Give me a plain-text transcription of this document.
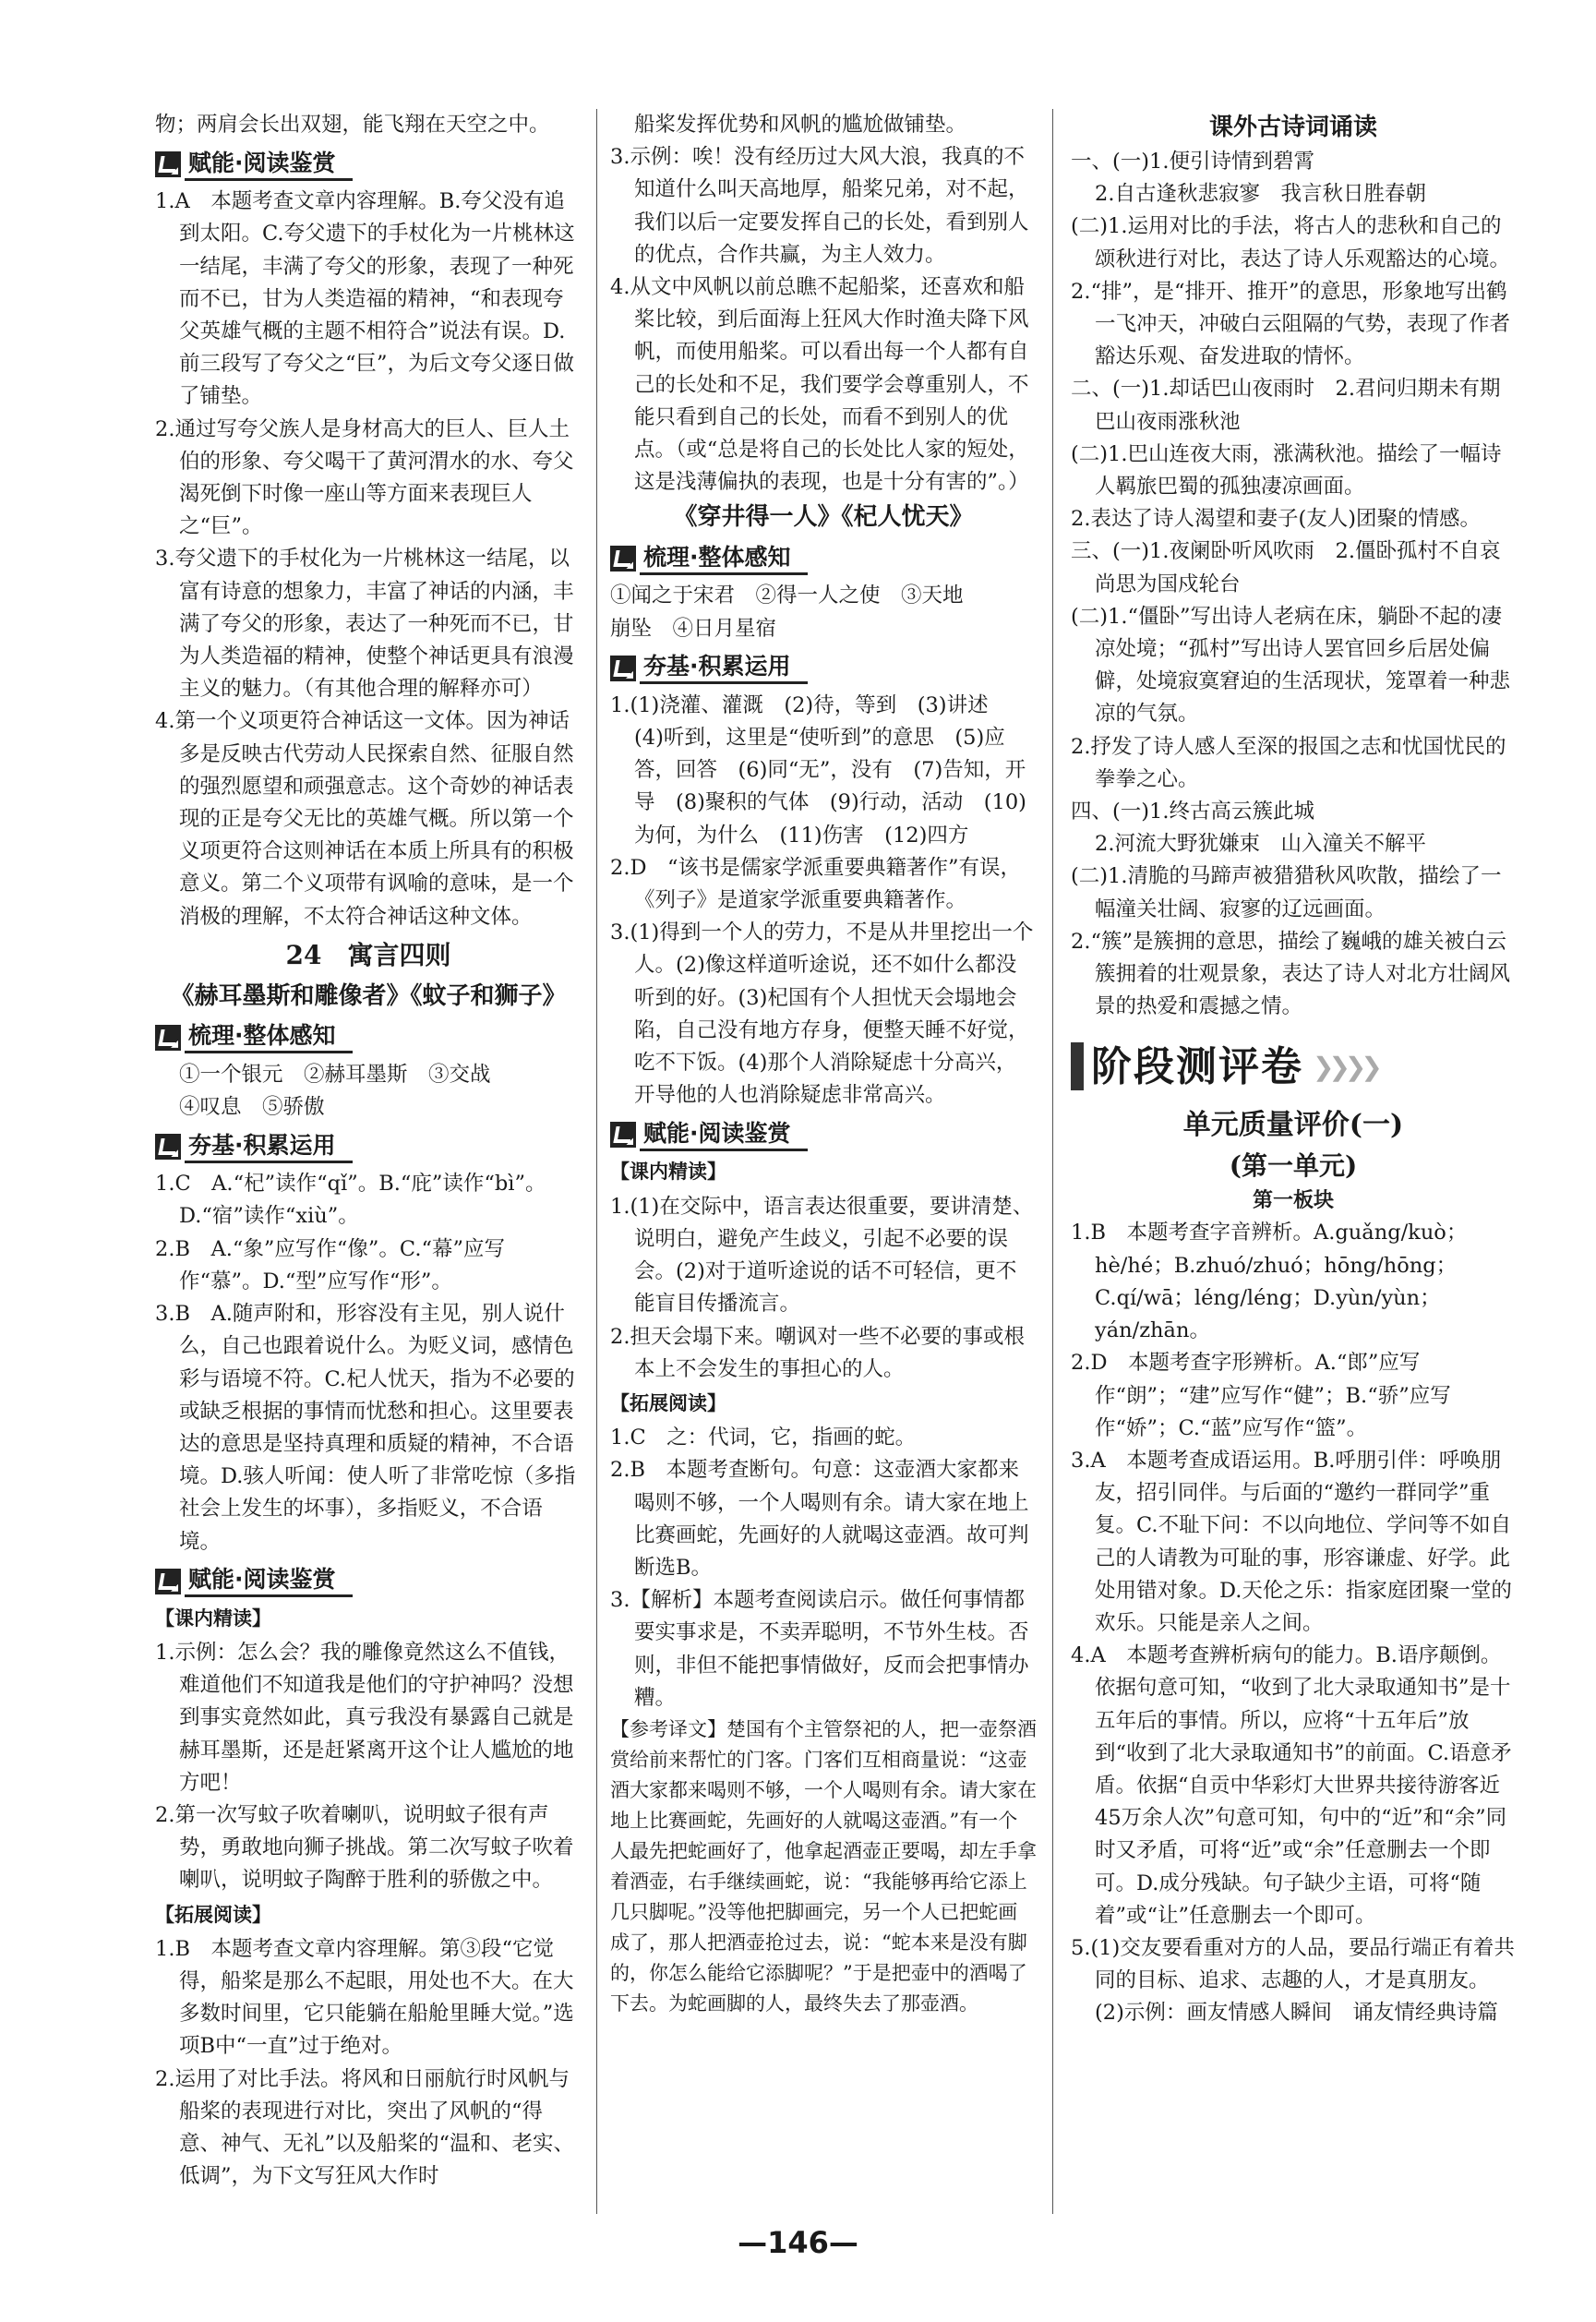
物；两肩会长出双翅，能飞翔在天空之中。

赋能·阅读鉴赏

1.A　本题考查文章内容理解。B.夸父没有追到太阳。C.夸父遗下的手杖化为一片桃林这一结尾，丰满了夸父的形象，表现了一种死而不已，甘为人类造福的精神，“和表现夸父英雄气概的主题不相符合”说法有误。D.前三段写了夸父之“巨”，为后文夸父逐日做了铺垫。

2.通过写夸父族人是身材高大的巨人、巨人土伯的形象、夸父喝干了黄河渭水的水、夸父渴死倒下时像一座山等方面来表现巨人之“巨”。

3.夸父遗下的手杖化为一片桃林这一结尾，以富有诗意的想象力，丰富了神话的内涵，丰满了夸父的形象，表达了一种死而不已，甘为人类造福的精神，使整个神话更具有浪漫主义的魅力。（有其他合理的解释亦可）

4.第一个义项更符合神话这一文体。因为神话多是反映古代劳动人民探索自然、征服自然的强烈愿望和顽强意志。这个奇妙的神话表现的正是夸父无比的英雄气概。所以第一个义项更符合这则神话在本质上所具有的积极意义。第二个义项带有讽喻的意味，是一个消极的理解，不太符合神话这种文体。

24　寓言四则
《赫耳墨斯和雕像者》《蚊子和狮子》
梳理·整体感知

①一个银元　②赫耳墨斯　③交战

④叹息　⑤骄傲

夯基·积累运用

1.C　A.“杞”读作“qǐ”。B.“庇”读作“bì”。D.“宿”读作“xiù”。

2.B　A.“象”应写作“像”。C.“幕”应写作“慕”。D.“型”应写作“形”。

3.B　A.随声附和，形容没有主见，别人说什么，自己也跟着说什么。为贬义词，感情色彩与语境不符。C.杞人忧天，指为不必要的或缺乏根据的事情而忧愁和担心。这里要表达的意思是坚持真理和质疑的精神，不合语境。D.骇人听闻：使人听了非常吃惊（多指社会上发生的坏事），多指贬义，不合语境。

赋能·阅读鉴赏
【课内精读】

1.示例：怎么会？我的雕像竟然这么不值钱，难道他们不知道我是他们的守护神吗？没想到事实竟然如此，真亏我没有暴露自己就是赫耳墨斯，还是赶紧离开这个让人尴尬的地方吧！

2.第一次写蚊子吹着喇叭，说明蚊子很有声势，勇敢地向狮子挑战。第二次写蚊子吹着喇叭，说明蚊子陶醉于胜利的骄傲之中。

【拓展阅读】

1.B　本题考查文章内容理解。第③段“它觉得，船桨是那么不起眼，用处也不大。在大多数时间里，它只能躺在船舱里睡大觉。”选项B中“一直”过于绝对。

2.运用了对比手法。将风和日丽航行时风帆与船桨的表现进行对比，突出了风帆的“得意、神气、无礼”以及船桨的“温和、老实、低调”，为下文写狂风大作时

船桨发挥优势和风帆的尴尬做铺垫。

3.示例：唉！没有经历过大风大浪，我真的不知道什么叫天高地厚，船桨兄弟，对不起，我们以后一定要发挥自己的长处，看到别人的优点，合作共赢，为主人效力。

4.从文中风帆以前总瞧不起船桨，还喜欢和船桨比较，到后面海上狂风大作时渔夫降下风帆，而使用船桨。可以看出每一个人都有自己的长处和不足，我们要学会尊重别人，不能只看到自己的长处，而看不到别人的优点。（或“总是将自己的长处比人家的短处，这是浅薄偏执的表现，也是十分有害的”。）

《穿井得一人》《杞人忧天》
梳理·整体感知

①闻之于宋君　②得一人之使　③天地

崩坠　④日月星宿

夯基·积累运用

1.(1)浇灌、灌溉　(2)待，等到　(3)讲述　(4)听到，这里是“使听到”的意思　(5)应答，回答　(6)同“无”，没有　(7)告知，开导　(8)聚积的气体　(9)行动，活动　(10)为何，为什么　(11)伤害　(12)四方

2.D　“该书是儒家学派重要典籍著作”有误，《列子》是道家学派重要典籍著作。

3.(1)得到一个人的劳力，不是从井里挖出一个人。(2)像这样道听途说，还不如什么都没听到的好。(3)杞国有个人担忧天会塌地会陷，自己没有地方存身，便整天睡不好觉，吃不下饭。(4)那个人消除疑虑十分高兴，开导他的人也消除疑虑非常高兴。

赋能·阅读鉴赏
【课内精读】

1.(1)在交际中，语言表达很重要，要讲清楚、说明白，避免产生歧义，引起不必要的误会。(2)对于道听途说的话不可轻信，更不能盲目传播流言。

2.担天会塌下来。嘲讽对一些不必要的事或根本上不会发生的事担心的人。

【拓展阅读】

1.C　之：代词，它，指画的蛇。

2.B　本题考查断句。句意：这壶酒大家都来喝则不够，一个人喝则有余。请大家在地上比赛画蛇，先画好的人就喝这壶酒。故可判断选B。

3.【解析】本题考查阅读启示。做任何事情都要实事求是，不卖弄聪明，不节外生枝。否则，非但不能把事情做好，反而会把事情办糟。

【参考译文】楚国有个主管祭祀的人，把一壶祭酒赏给前来帮忙的门客。门客们互相商量说：“这壶酒大家都来喝则不够，一个人喝则有余。请大家在地上比赛画蛇，先画好的人就喝这壶酒。”有一个人最先把蛇画好了，他拿起酒壶正要喝，却左手拿着酒壶，右手继续画蛇，说：“我能够再给它添上几只脚呢。”没等他把脚画完，另一个人已把蛇画成了，那人把酒壶抢过去，说：“蛇本来是没有脚的，你怎么能给它添脚呢？”于是把壶中的酒喝了下去。为蛇画脚的人，最终失去了那壶酒。

课外古诗词诵读

一、(一)1.便引诗情到碧霄

2.自古逢秋悲寂寥　我言秋日胜春朝

(二)1.运用对比的手法，将古人的悲秋和自己的颂秋进行对比，表达了诗人乐观豁达的心境。

2.“排”，是“排开、推开”的意思，形象地写出鹤一飞冲天，冲破白云阻隔的气势，表现了作者豁达乐观、奋发进取的情怀。

二、(一)1.却话巴山夜雨时　2.君问归期未有期　巴山夜雨涨秋池

(二)1.巴山连夜大雨，涨满秋池。描绘了一幅诗人羁旅巴蜀的孤独凄凉画面。

2.表达了诗人渴望和妻子(友人)团聚的情感。

三、(一)1.夜阑卧听风吹雨　2.僵卧孤村不自哀　尚思为国戍轮台

(二)1.“僵卧”写出诗人老病在床，躺卧不起的凄凉处境；“孤村”写出诗人罢官回乡后居处偏僻，处境寂寞窘迫的生活现状，笼罩着一种悲凉的气氛。

2.抒发了诗人感人至深的报国之志和忧国忧民的拳拳之心。

四、(一)1.终古高云簇此城

2.河流大野犹嫌束　山入潼关不解平

(二)1.清脆的马蹄声被猎猎秋风吹散，描绘了一幅潼关壮阔、寂寥的辽远画面。

2.“簇”是簇拥的意思，描绘了巍峨的雄关被白云簇拥着的壮观景象，表达了诗人对北方壮阔风景的热爱和震撼之情。

阶段测评卷 ❯❯❯❯
单元质量评价(一)
(第一单元)
第一板块

1.B　本题考查字音辨析。A.guǎng/kuò；hè/hé；B.zhuó/zhuó；hōng/hōng；C.qí/wā；léng/léng；D.yùn/yùn；yán/zhān。

2.D　本题考查字形辨析。A.“郎”应写作“朗”；“建”应写作“健”；B.“骄”应写作“娇”；C.“蓝”应写作“篮”。

3.A　本题考查成语运用。B.呼朋引伴：呼唤朋友，招引同伴。与后面的“邀约一群同学”重复。C.不耻下问：不以向地位、学问等不如自己的人请教为可耻的事，形容谦虚、好学。此处用错对象。D.天伦之乐：指家庭团聚一堂的欢乐。只能是亲人之间。

4.A　本题考查辨析病句的能力。B.语序颠倒。依据句意可知，“收到了北大录取通知书”是十五年后的事情。所以，应将“十五年后”放到“收到了北大录取通知书”的前面。C.语意矛盾。依据“自贡中华彩灯大世界共接待游客近45万余人次”句意可知，句中的“近”和“余”同时又矛盾，可将“近”或“余”任意删去一个即可。D.成分残缺。句子缺少主语，可将“随着”或“让”任意删去一个即可。

5.(1)交友要看重对方的人品，要品行端正有着共同的目标、追求、志趣的人，才是真朋友。

(2)示例：画友情感人瞬间　诵友情经典诗篇

—146—
